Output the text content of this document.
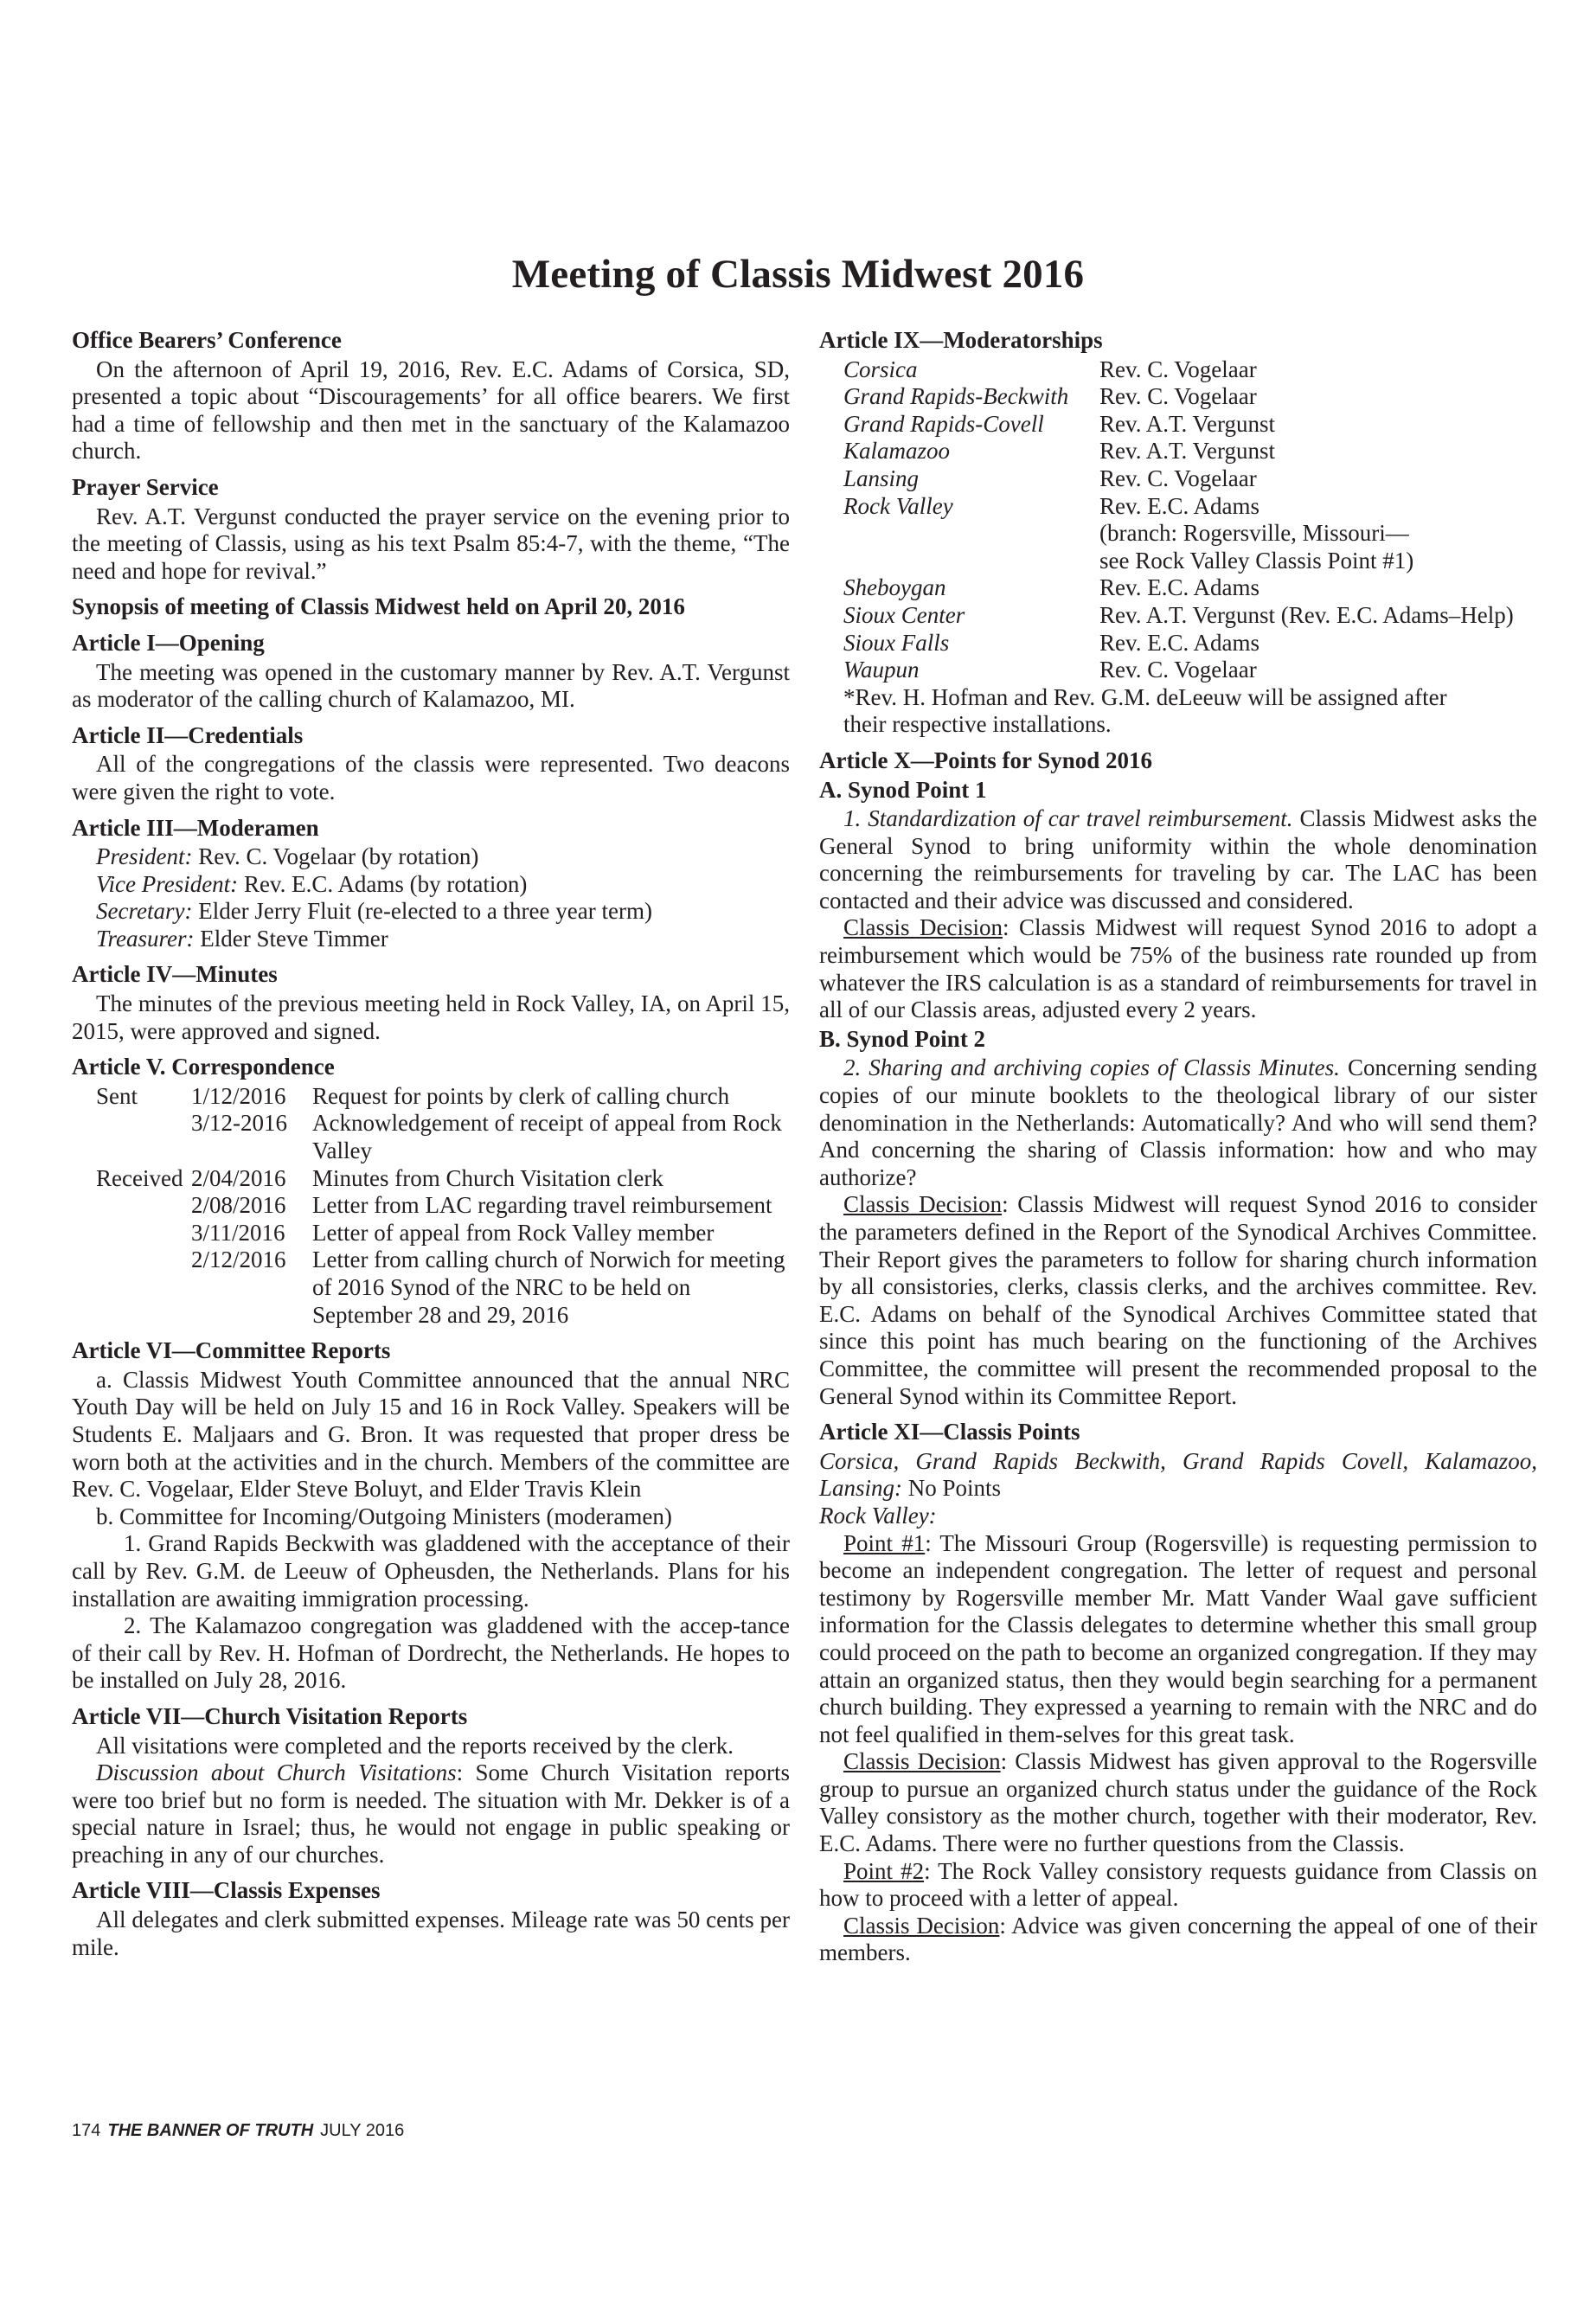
Meeting of Classis Midwest 2016
Office Bearers’ Conference

On the afternoon of April 19, 2016, Rev. E.C. Adams of Corsica, SD, presented a topic about “Discouragements’ for all office bearers. We first had a time of fellowship and then met in the sanctuary of the Kalamazoo church.

Prayer Service

Rev. A.T. Vergunst conducted the prayer service on the evening prior to the meeting of Classis, using as his text Psalm 85:4-7, with the theme, “The need and hope for revival.”

Synopsis of meeting of Classis Midwest held on April 20, 2016
Article I—Opening

The meeting was opened in the customary manner by Rev. A.T. Vergunst as moderator of the calling church of Kalamazoo, MI.

Article II—Credentials

All of the congregations of the classis were represented. Two deacons were given the right to vote.

Article III—Moderamen
President: Rev. C. Vogelaar (by rotation)
Vice President: Rev. E.C. Adams (by rotation)
Secretary: Elder Jerry Fluit (re-elected to a three year term)
Treasurer: Elder Steve Timmer
Article IV—Minutes

The minutes of the previous meeting held in Rock Valley, IA, on April 15, 2015, were approved and signed.

Article V. Correspondence
Sent	1/12/2016	Request for points by clerk of calling church
	3/12-2016	Acknowledgement of receipt of appeal from Rock Valley
Received	2/04/2016	Minutes from Church Visitation clerk
	2/08/2016	Letter from LAC regarding travel reimbursement
	3/11/2016	Letter of appeal from Rock Valley member
	2/12/2016	Letter from calling church of Norwich for meeting of 2016 Synod of the NRC to be held on September 28 and 29, 2016
Article VI—Committee Reports

a. Classis Midwest Youth Committee announced that the annual NRC Youth Day will be held on July 15 and 16 in Rock Valley. Speakers will be Students E. Maljaars and G. Bron. It was requested that proper dress be worn both at the activities and in the church. Members of the committee are Rev. C. Vogelaar, Elder Steve Boluyt, and Elder Travis Klein

b. Committee for Incoming/Outgoing Ministers (moderamen)

1. Grand Rapids Beckwith was gladdened with the acceptance of their call by Rev. G.M. de Leeuw of Opheusden, the Netherlands. Plans for his installation are awaiting immigration processing.

2. The Kalamazoo congregation was gladdened with the accep-tance of their call by Rev. H. Hofman of Dordrecht, the Netherlands. He hopes to be installed on July 28, 2016.

Article VII—Church Visitation Reports

All visitations were completed and the reports received by the clerk.

Discussion about Church Visitations: Some Church Visitation reports were too brief but no form is needed. The situation with Mr. Dekker is of a special nature in Israel; thus, he would not engage in public speaking or preaching in any of our churches.

Article VIII—Classis Expenses

All delegates and clerk submitted expenses. Mileage rate was 50 cents per mile.

Article IX—Moderatorships
Corsica	Rev. C. Vogelaar
Grand Rapids-Beckwith	Rev. C. Vogelaar
Grand Rapids-Covell	Rev. A.T. Vergunst
Kalamazoo	Rev. A.T. Vergunst
Lansing	Rev. C. Vogelaar
Rock Valley	Rev. E.C. Adams
	(branch: Rogersville, Missouri—
	see Rock Valley Classis Point #1)
Sheboygan	Rev. E.C. Adams
Sioux Center	Rev. A.T. Vergunst (Rev. E.C. Adams–Help)
Sioux Falls	Rev. E.C. Adams
Waupun	Rev. C. Vogelaar

*Rev. H. Hofman and Rev. G.M. deLeeuw will be assigned after

their respective installations.

Article X—Points for Synod 2016
A. Synod Point 1

1. Standardization of car travel reimbursement. Classis Midwest asks the General Synod to bring uniformity within the whole denomination concerning the reimbursements for traveling by car. The LAC has been contacted and their advice was discussed and considered.

Classis Decision: Classis Midwest will request Synod 2016 to adopt a reimbursement which would be 75% of the business rate rounded up from whatever the IRS calculation is as a standard of reimbursements for travel in all of our Classis areas, adjusted every 2 years.

B. Synod Point 2

2. Sharing and archiving copies of Classis Minutes. Concerning sending copies of our minute booklets to the theological library of our sister denomination in the Netherlands: Automatically? And who will send them? And concerning the sharing of Classis information: how and who may authorize?

Classis Decision: Classis Midwest will request Synod 2016 to consider the parameters defined in the Report of the Synodical Archives Committee. Their Report gives the parameters to follow for sharing church information by all consistories, clerks, classis clerks, and the archives committee. Rev. E.C. Adams on behalf of the Synodical Archives Committee stated that since this point has much bearing on the functioning of the Archives Committee, the committee will present the recommended proposal to the General Synod within its Committee Report.

Article XI—Classis Points

Corsica, Grand Rapids Beckwith, Grand Rapids Covell, Kalamazoo, Lansing: No Points

Rock Valley:

Point #1: The Missouri Group (Rogersville) is requesting permission to become an independent congregation. The letter of request and personal testimony by Rogersville member Mr. Matt Vander Waal gave sufficient information for the Classis delegates to determine whether this small group could proceed on the path to become an organized congregation. If they may attain an organized status, then they would begin searching for a permanent church building. They expressed a yearning to remain with the NRC and do not feel qualified in them-selves for this great task.

Classis Decision: Classis Midwest has given approval to the Rogersville group to pursue an organized church status under the guidance of the Rock Valley consistory as the mother church, together with their moderator, Rev. E.C. Adams. There were no further questions from the Classis.

Point #2: The Rock Valley consistory requests guidance from Classis on how to proceed with a letter of appeal.

Classis Decision: Advice was given concerning the appeal of one of their members.

174 THE BANNER OF TRUTH JULY 2016
